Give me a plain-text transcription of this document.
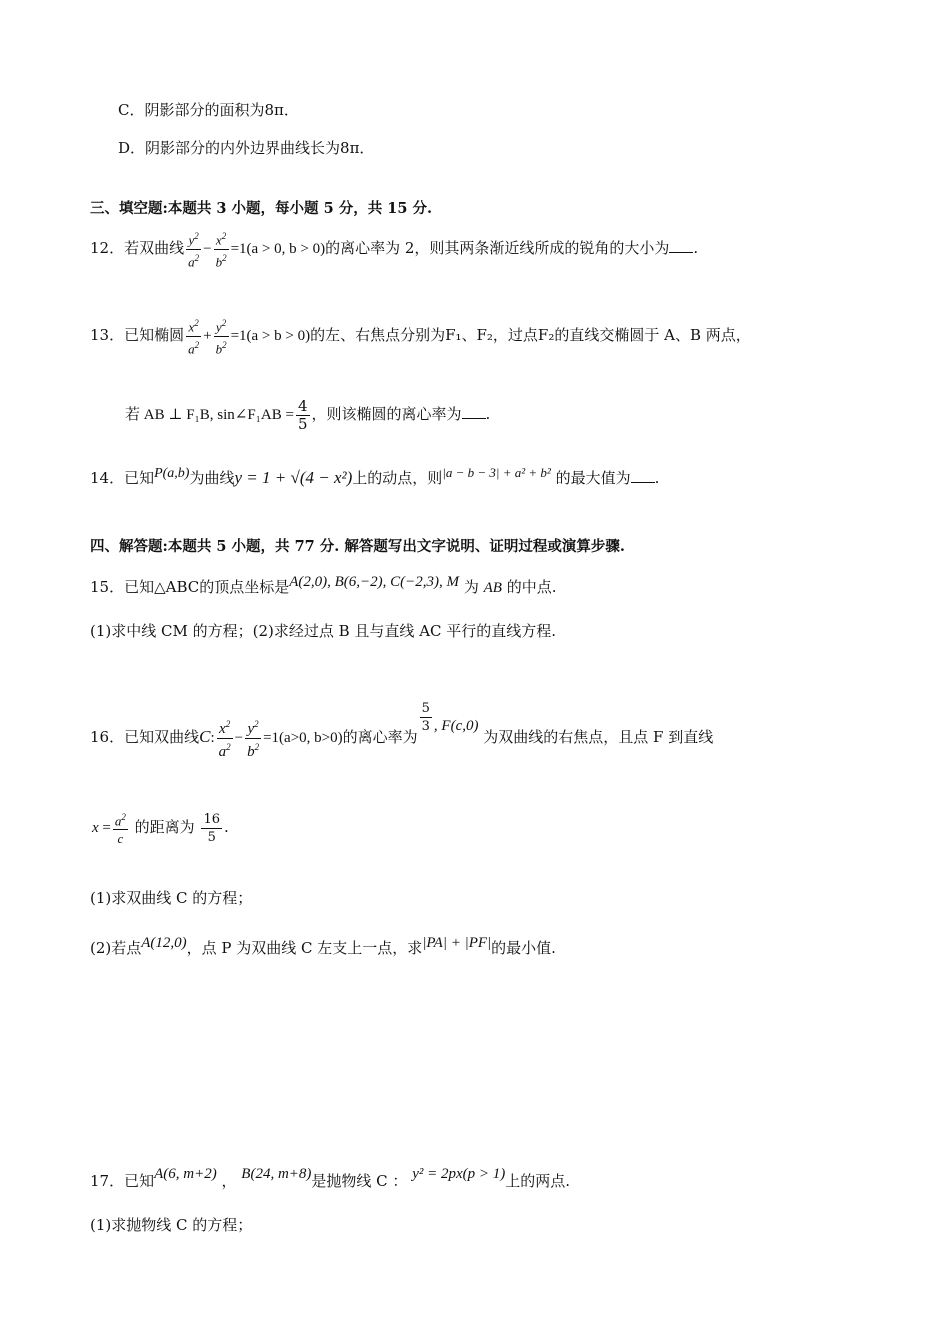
C．阴影部分的面积为8π．
D．阴影部分的内外边界曲线长为8π．
三、填空题:本题共 3 小题，每小题 5 分，共 15 分.
12．若双曲线 $\frac{y^2}{a^2} - \frac{x^2}{b^2} =1(a > 0$, b > 0)的离心率为 2，则其两条渐近线所成的锐角的大小为 .
13．已知椭圆 $\frac{x^2}{a^2} + \frac{y^2}{b^2} =1(a > b > 0)$的左、右焦点分别为F₁、F₂，过点F₂的直线交椭圆于 A、B 两点，
若 AB ⊥ F₁B, sin∠F₁AB = $\frac{4}{5}$ ，则该椭圆的离心率为 .
14．已知P(a,b)为曲线y = 1 + √(4 − x²)上的动点，则|a − b − 3| + a² + b² 的最大值为 .
四、解答题:本题共 5 小题，共 77 分. 解答题写出文字说明、证明过程或演算步骤.
15．已知△ABC的顶点坐标是A(2,0), B(6,−2), C(−2,3), M 为 AB 的中点.
(1)求中线 CM 的方程；(2)求经过点 B 且与直线 AC 平行的直线方程.
16．已知双曲线C: $\frac{x^2}{a^2} - \frac{y^2}{b^2} =1(a>0$, b>0)的离心率为
$\frac{5}{3}$ , F(c,0) 为双曲线的右焦点，且点 F 到直线
$x = \frac{a^2}{c}$ 的距离为 $\frac{16}{5}$ .
(1)求双曲线 C 的方程；
(2)若点A(12,0)，点 P 为双曲线 C 左支上一点，求|PA| + |PF|的最小值.
17．已知A(6, m+2) ， B(24, m+8)是抛物线 C ： y² = 2px(p > 1)上的两点.
(1)求抛物线 C 的方程；
